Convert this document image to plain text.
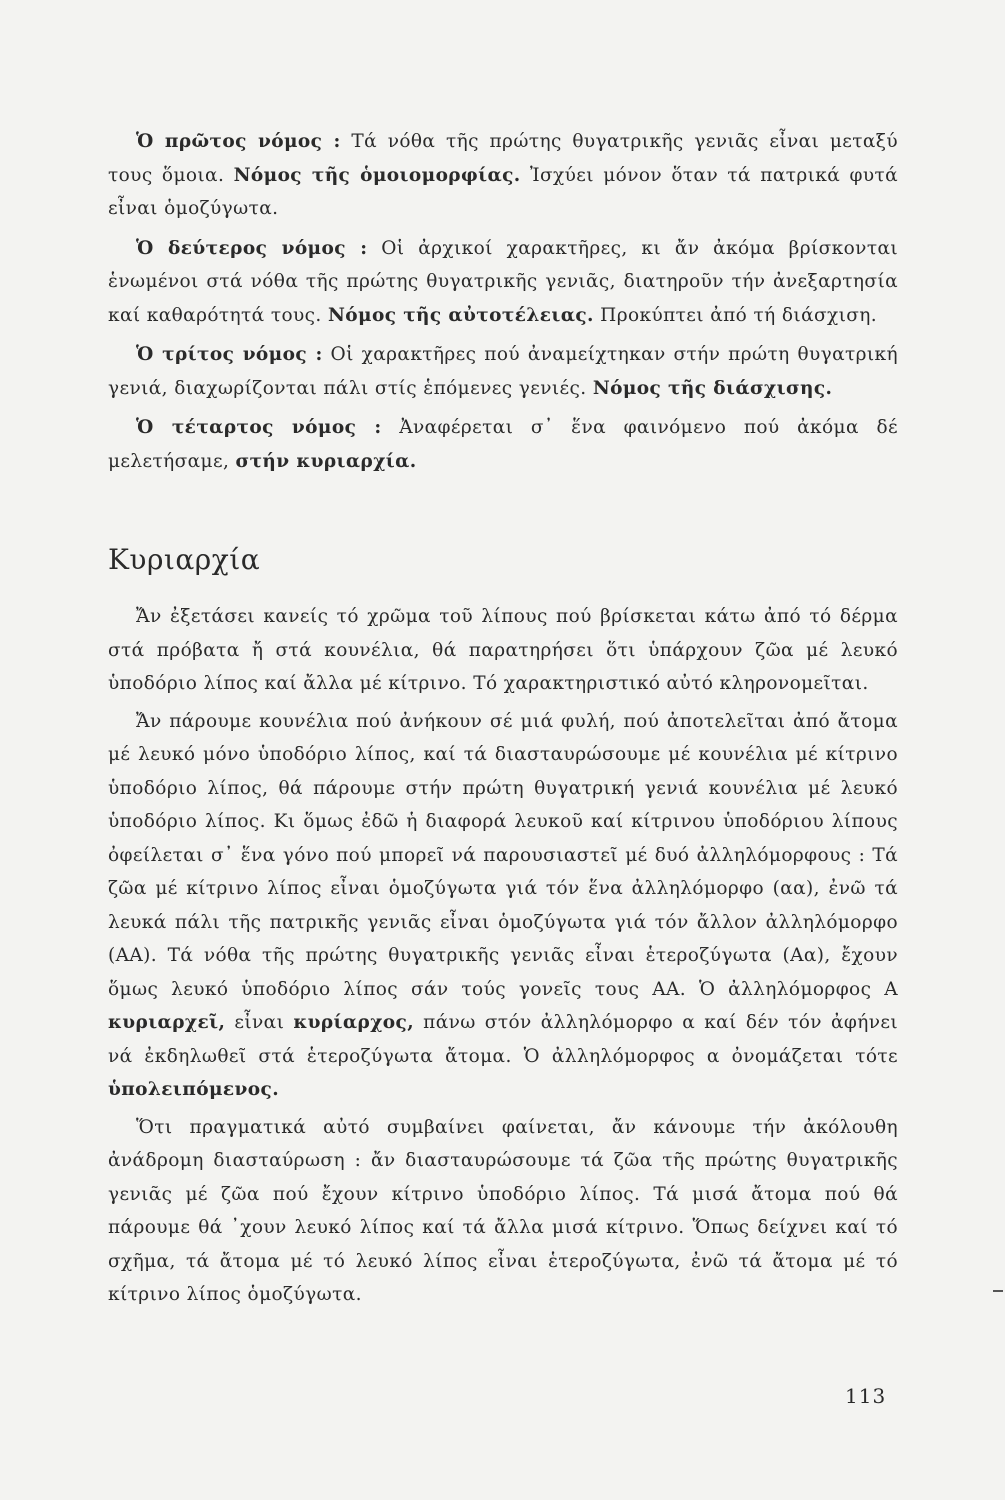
Ὁ πρῶτος νόμος : Τά νόθα τῆς πρώτης θυγατρικῆς γενιᾶς εἶναι μεταξύ τους ὅμοια. Νόμος τῆς ὁμοιομορφίας. Ἰσχύει μόνον ὅταν τά πατρικά φυτά εἶναι ὁμοζύγωτα.

Ὁ δεύτερος νόμος : Οἱ ἀρχικοί χαρακτῆρες, κι ἄν ἀκόμα βρίσκονται ἑνωμένοι στά νόθα τῆς πρώτης θυγατρικῆς γενιᾶς, διατηροῦν τήν ἀνεξαρτησία καί καθαρότητά τους. Νόμος τῆς αὐτοτέλειας. Προκύπτει ἀπό τή διάσχιση.

Ὁ τρίτος νόμος : Οἱ χαρακτῆρες πού ἀναμείχτηκαν στήν πρώτη θυγατρική γενιά, διαχωρίζονται πάλι στίς ἑπόμενες γενιές. Νόμος τῆς διάσχισης.

Ὁ τέταρτος νόμος : Ἀναφέρεται σ᾽ ἕνα φαινόμενο πού ἀκόμα δέ μελετήσαμε, στήν κυριαρχία.

Κυριαρχία

Ἄν ἐξετάσει κανείς τό χρῶμα τοῦ λίπους πού βρίσκεται κάτω ἀπό τό δέρμα στά πρόβατα ἤ στά κουνέλια, θά παρατηρήσει ὅτι ὑπάρχουν ζῶα μέ λευκό ὑποδόριο λίπος καί ἄλλα μέ κίτρινο. Τό χαρακτηριστικό αὐτό κληρονομεῖται.

Ἄν πάρουμε κουνέλια πού ἀνήκουν σέ μιά φυλή, πού ἀποτελεῖται ἀπό ἄτομα μέ λευκό μόνο ὑποδόριο λίπος, καί τά διασταυρώσουμε μέ κουνέλια μέ κίτρινο ὑποδόριο λίπος, θά πάρουμε στήν πρώτη θυγατρική γενιά κουνέλια μέ λευκό ὑποδόριο λίπος. Κι ὅμως ἐδῶ ἡ διαφορά λευκοῦ καί κίτρινου ὑποδόριου λίπους ὀφείλεται σ᾽ ἕνα γόνο πού μπορεῖ νά παρουσιαστεῖ μέ δυό ἀλληλόμορφους : Τά ζῶα μέ κίτρινο λίπος εἶναι ὁμοζύγωτα γιά τόν ἕνα ἀλληλόμορφο (αα), ἐνῶ τά λευκά πάλι τῆς πατρικῆς γενιᾶς εἶναι ὁμοζύγωτα γιά τόν ἄλλον ἀλληλόμορφο (ΑΑ). Τά νόθα τῆς πρώτης θυγατρικῆς γενιᾶς εἶναι ἑτεροζύγωτα (Αα), ἔχουν ὅμως λευκό ὑποδόριο λίπος σάν τούς γονεῖς τους ΑΑ. Ὁ ἀλληλόμορφος Α κυριαρχεῖ, εἶναι κυρίαρχος, πάνω στόν ἀλληλόμορφο α καί δέν τόν ἀφήνει νά ἐκδηλωθεῖ στά ἑτεροζύγωτα ἄτομα. Ὁ ἀλληλόμορφος α ὀνομάζεται τότε ὑπολειπόμενος.

Ὅτι πραγματικά αὐτό συμβαίνει φαίνεται, ἄν κάνουμε τήν ἀκόλουθη ἀνάδρομη διασταύρωση : ἄν διασταυρώσουμε τά ζῶα τῆς πρώτης θυγατρικῆς γενιᾶς μέ ζῶα πού ἔχουν κίτρινο ὑποδόριο λίπος. Τά μισά ἄτομα πού θά πάρουμε θά ᾽χουν λευκό λίπος καί τά ἄλλα μισά κίτρινο. Ὅπως δείχνει καί τό σχῆμα, τά ἄτομα μέ τό λευκό λίπος εἶναι ἑτεροζύγωτα, ἐνῶ τά ἄτομα μέ τό κίτρινο λίπος ὁμοζύγωτα.

113
